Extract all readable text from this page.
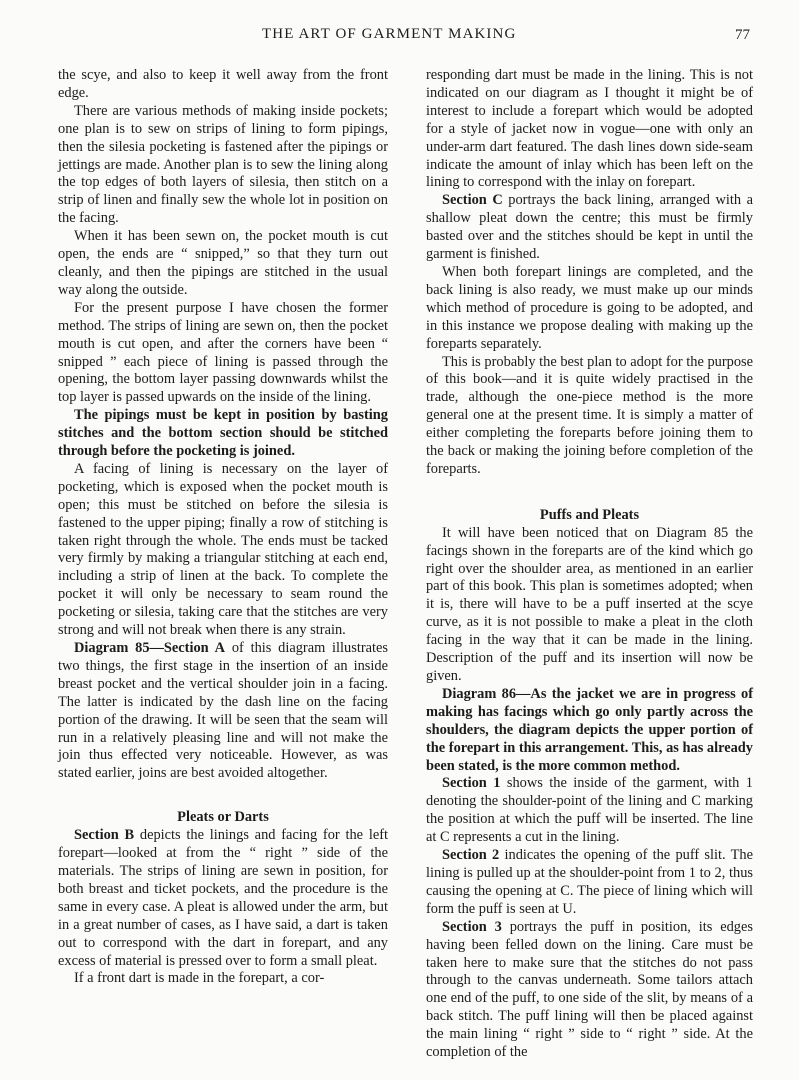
THE ART OF GARMENT MAKING	77

the scye, and also to keep it well away from the front edge.

There are various methods of making inside pockets; one plan is to sew on strips of lining to form pipings, then the silesia pocketing is fastened after the pipings or jettings are made. Another plan is to sew the lining along the top edges of both layers of silesia, then stitch on a strip of linen and finally sew the whole lot in position on the facing.

When it has been sewn on, the pocket mouth is cut open, the ends are “ snipped,” so that they turn out cleanly, and then the pipings are stitched in the usual way along the outside.

For the present purpose I have chosen the former method. The strips of lining are sewn on, then the pocket mouth is cut open, and after the corners have been “ snipped ” each piece of lining is passed through the opening, the bottom layer passing downwards whilst the top layer is passed upwards on the inside of the lining.

The pipings must be kept in position by basting stitches and the bottom section should be stitched through before the pocketing is joined.

A facing of lining is necessary on the layer of pocketing, which is exposed when the pocket mouth is open; this must be stitched on before the silesia is fastened to the upper piping; finally a row of stitching is taken right through the whole. The ends must be tacked very firmly by making a triangular stitching at each end, including a strip of linen at the back. To complete the pocket it will only be necessary to seam round the pocketing or silesia, taking care that the stitches are very strong and will not break when there is any strain.

Diagram 85—Section A of this diagram illustrates two things, the first stage in the insertion of an inside breast pocket and the vertical shoulder join in a facing. The latter is indicated by the dash line on the facing portion of the drawing. It will be seen that the seam will run in a relatively pleasing line and will not make the join thus effected very noticeable. However, as was stated earlier, joins are best avoided altogether.

Pleats or Darts

Section B depicts the linings and facing for the left forepart—looked at from the “ right ” side of the materials. The strips of lining are sewn in position, for both breast and ticket pockets, and the procedure is the same in every case. A pleat is allowed under the arm, but in a great number of cases, as I have said, a dart is taken out to correspond with the dart in forepart, and any excess of material is pressed over to form a small pleat.

If a front dart is made in the forepart, a cor-

responding dart must be made in the lining. This is not indicated on our diagram as I thought it might be of interest to include a forepart which would be adopted for a style of jacket now in vogue—one with only an under-arm dart featured. The dash lines down side-seam indicate the amount of inlay which has been left on the lining to correspond with the inlay on forepart.

Section C portrays the back lining, arranged with a shallow pleat down the centre; this must be firmly basted over and the stitches should be kept in until the garment is finished.

When both forepart linings are completed, and the back lining is also ready, we must make up our minds which method of procedure is going to be adopted, and in this instance we propose dealing with making up the foreparts separately.

This is probably the best plan to adopt for the purpose of this book—and it is quite widely practised in the trade, although the one-piece method is the more general one at the present time. It is simply a matter of either completing the foreparts before joining them to the back or making the joining before completion of the foreparts.

Puffs and Pleats

It will have been noticed that on Diagram 85 the facings shown in the foreparts are of the kind which go right over the shoulder area, as mentioned in an earlier part of this book. This plan is sometimes adopted; when it is, there will have to be a puff inserted at the scye curve, as it is not possible to make a pleat in the cloth facing in the way that it can be made in the lining. Description of the puff and its insertion will now be given.

Diagram 86—As the jacket we are in progress of making has facings which go only partly across the shoulders, the diagram depicts the upper portion of the forepart in this arrangement. This, as has already been stated, is the more common method.

Section 1 shows the inside of the garment, with 1 denoting the shoulder-point of the lining and C marking the position at which the puff will be inserted. The line at C represents a cut in the lining.

Section 2 indicates the opening of the puff slit. The lining is pulled up at the shoulder-point from 1 to 2, thus causing the opening at C. The piece of lining which will form the puff is seen at U.

Section 3 portrays the puff in position, its edges having been felled down on the lining. Care must be taken here to make sure that the stitches do not pass through to the canvas underneath. Some tailors attach one end of the puff, to one side of the slit, by means of a back stitch. The puff lining will then be placed against the main lining “ right ” side to “ right ” side. At the completion of the
